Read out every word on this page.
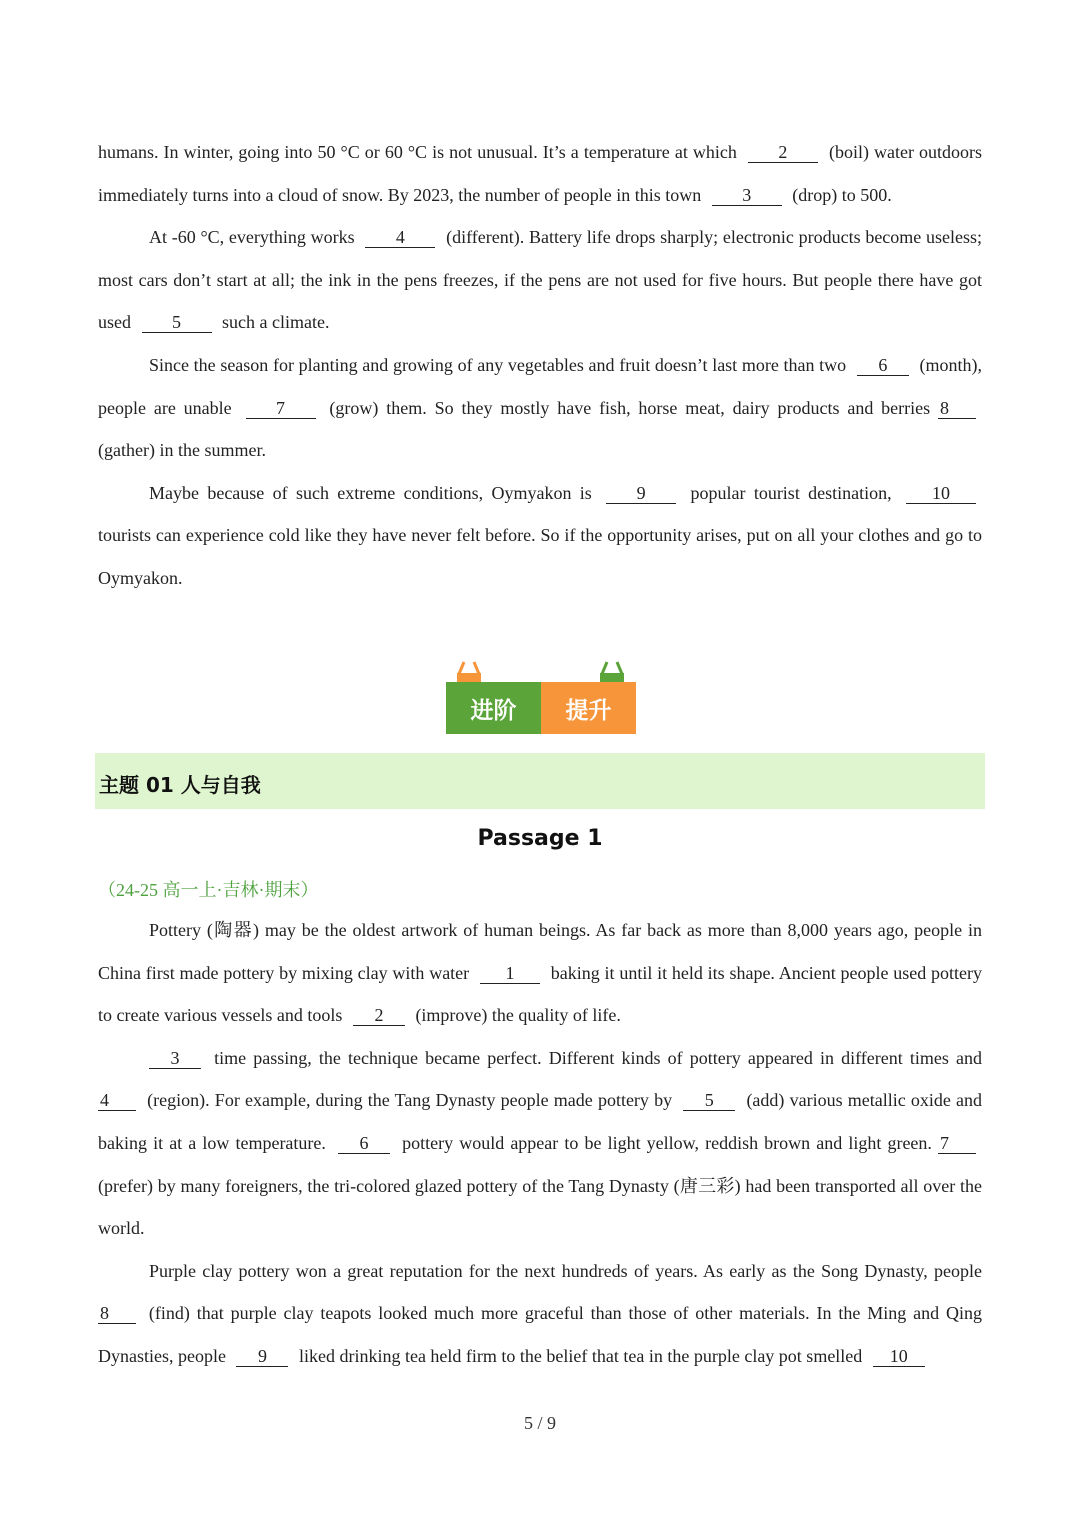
humans. In winter, going into 50 °C or 60 °C is not unusual. It’s a temperature at which 2 (boil) water outdoors immediately turns into a cloud of snow. By 2023, the number of people in this town 3 (drop) to 500.

At -60 °C, everything works 4 (different). Battery life drops sharply; electronic products become useless; most cars don’t start at all; the ink in the pens freezes, if the pens are not used for five hours. But people there have got used 5 such a climate.

Since the season for planting and growing of any vegetables and fruit doesn’t last more than two 6 (month), people are unable 7 (grow) them. So they mostly have fish, horse meat, dairy products and berries 8 (gather) in the summer.

Maybe because of such extreme conditions, Oymyakon is 9 popular tourist destination, 10 tourists can experience cold like they have never felt before. So if the opportunity arises, put on all your clothes and go to Oymyakon.

进阶	提升
主题 01 人与自我
Passage 1
（24-25 高一上·吉林·期末）

Pottery (陶器) may be the oldest artwork of human beings. As far back as more than 8,000 years ago, people in China first made pottery by mixing clay with water 1 baking it until it held its shape. Ancient people used pottery to create various vessels and tools 2 (improve) the quality of life.

3 time passing, the technique became perfect. Different kinds of pottery appeared in different times and 4 (region). For example, during the Tang Dynasty people made pottery by 5 (add) various metallic oxide and baking it at a low temperature. 6 pottery would appear to be light yellow, reddish brown and light green. 7 (prefer) by many foreigners, the tri-colored glazed pottery of the Tang Dynasty (唐三彩) had been transported all over the world.

Purple clay pottery won a great reputation for the next hundreds of years. As early as the Song Dynasty, people 8 (find) that purple clay teapots looked much more graceful than those of other materials. In the Ming and Qing Dynasties, people 9 liked drinking tea held firm to the belief that tea in the purple clay pot smelled 10

5 / 9
